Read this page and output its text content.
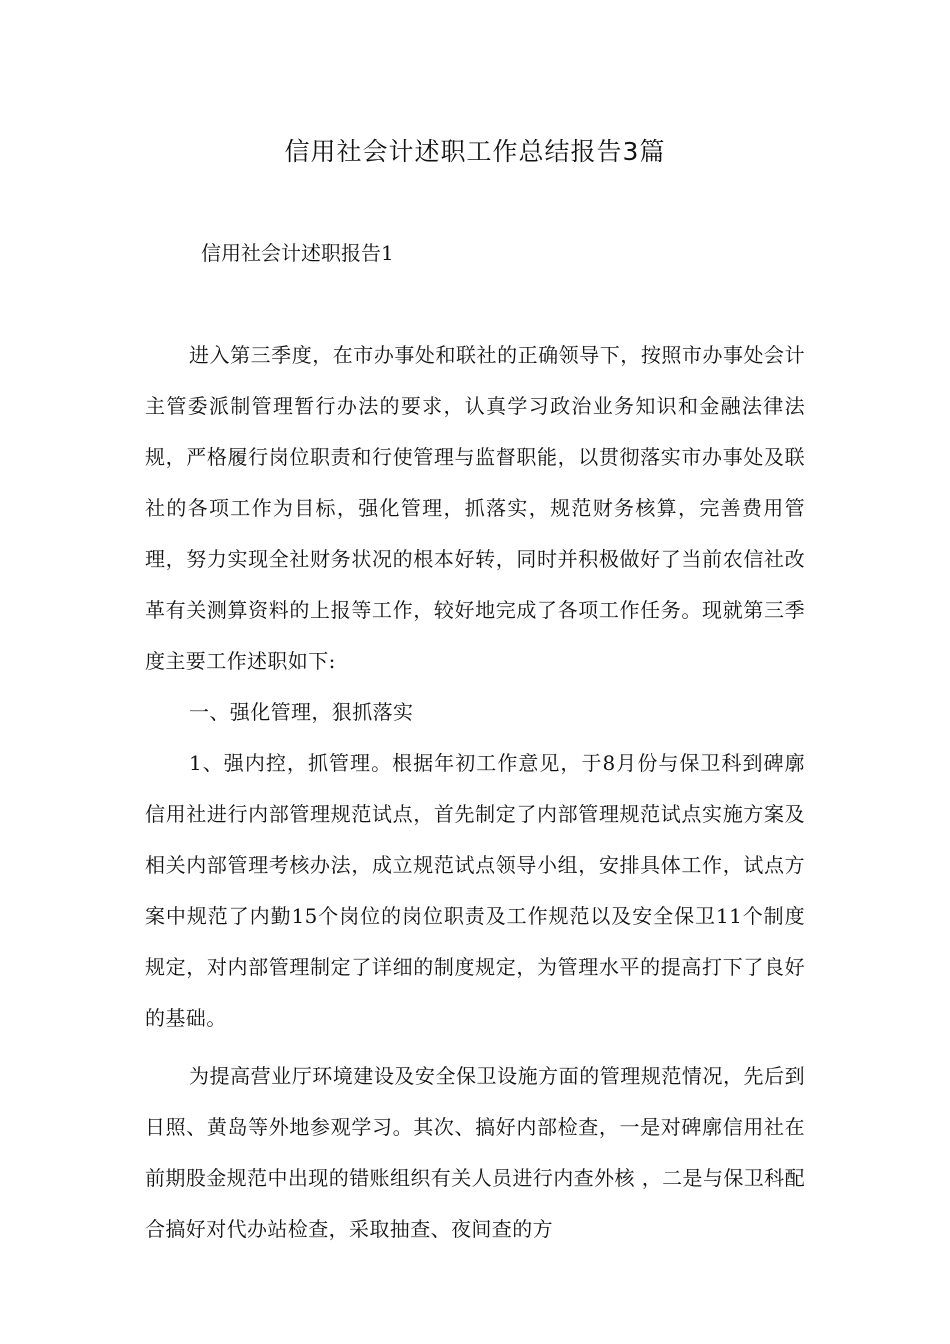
信用社会计述职工作总结报告3篇
信用社会计述职报告1

进入第三季度，在市办事处和联社的正确领导下，按照市办事处会计主管委派制管理暂行办法的要求，认真学习政治业务知识和金融法律法规，严格履行岗位职责和行使管理与监督职能，以贯彻落实市办事处及联社的各项工作为目标，强化管理，抓落实，规范财务核算，完善费用管理，努力实现全社财务状况的根本好转，同时并积极做好了当前农信社改革有关测算资料的上报等工作，较好地完成了各项工作任务。现就第三季度主要工作述职如下:

一、强化管理，狠抓落实

1、强内控，抓管理。根据年初工作意见，于8月份与保卫科到碑廓信用社进行内部管理规范试点，首先制定了内部管理规范试点实施方案及相关内部管理考核办法，成立规范试点领导小组，安排具体工作，试点方案中规范了内勤15个岗位的岗位职责及工作规范以及安全保卫11个制度规定，对内部管理制定了详细的制度规定，为管理水平的提高打下了良好的基础。

为提高营业厅环境建设及安全保卫设施方面的管理规范情况，先后到日照、黄岛等外地参观学习。其次、搞好内部检查，一是对碑廓信用社在前期股金规范中出现的错账组织有关人员进行内查外核 ，二是与保卫科配合搞好对代办站检查，采取抽查、夜间查的方
